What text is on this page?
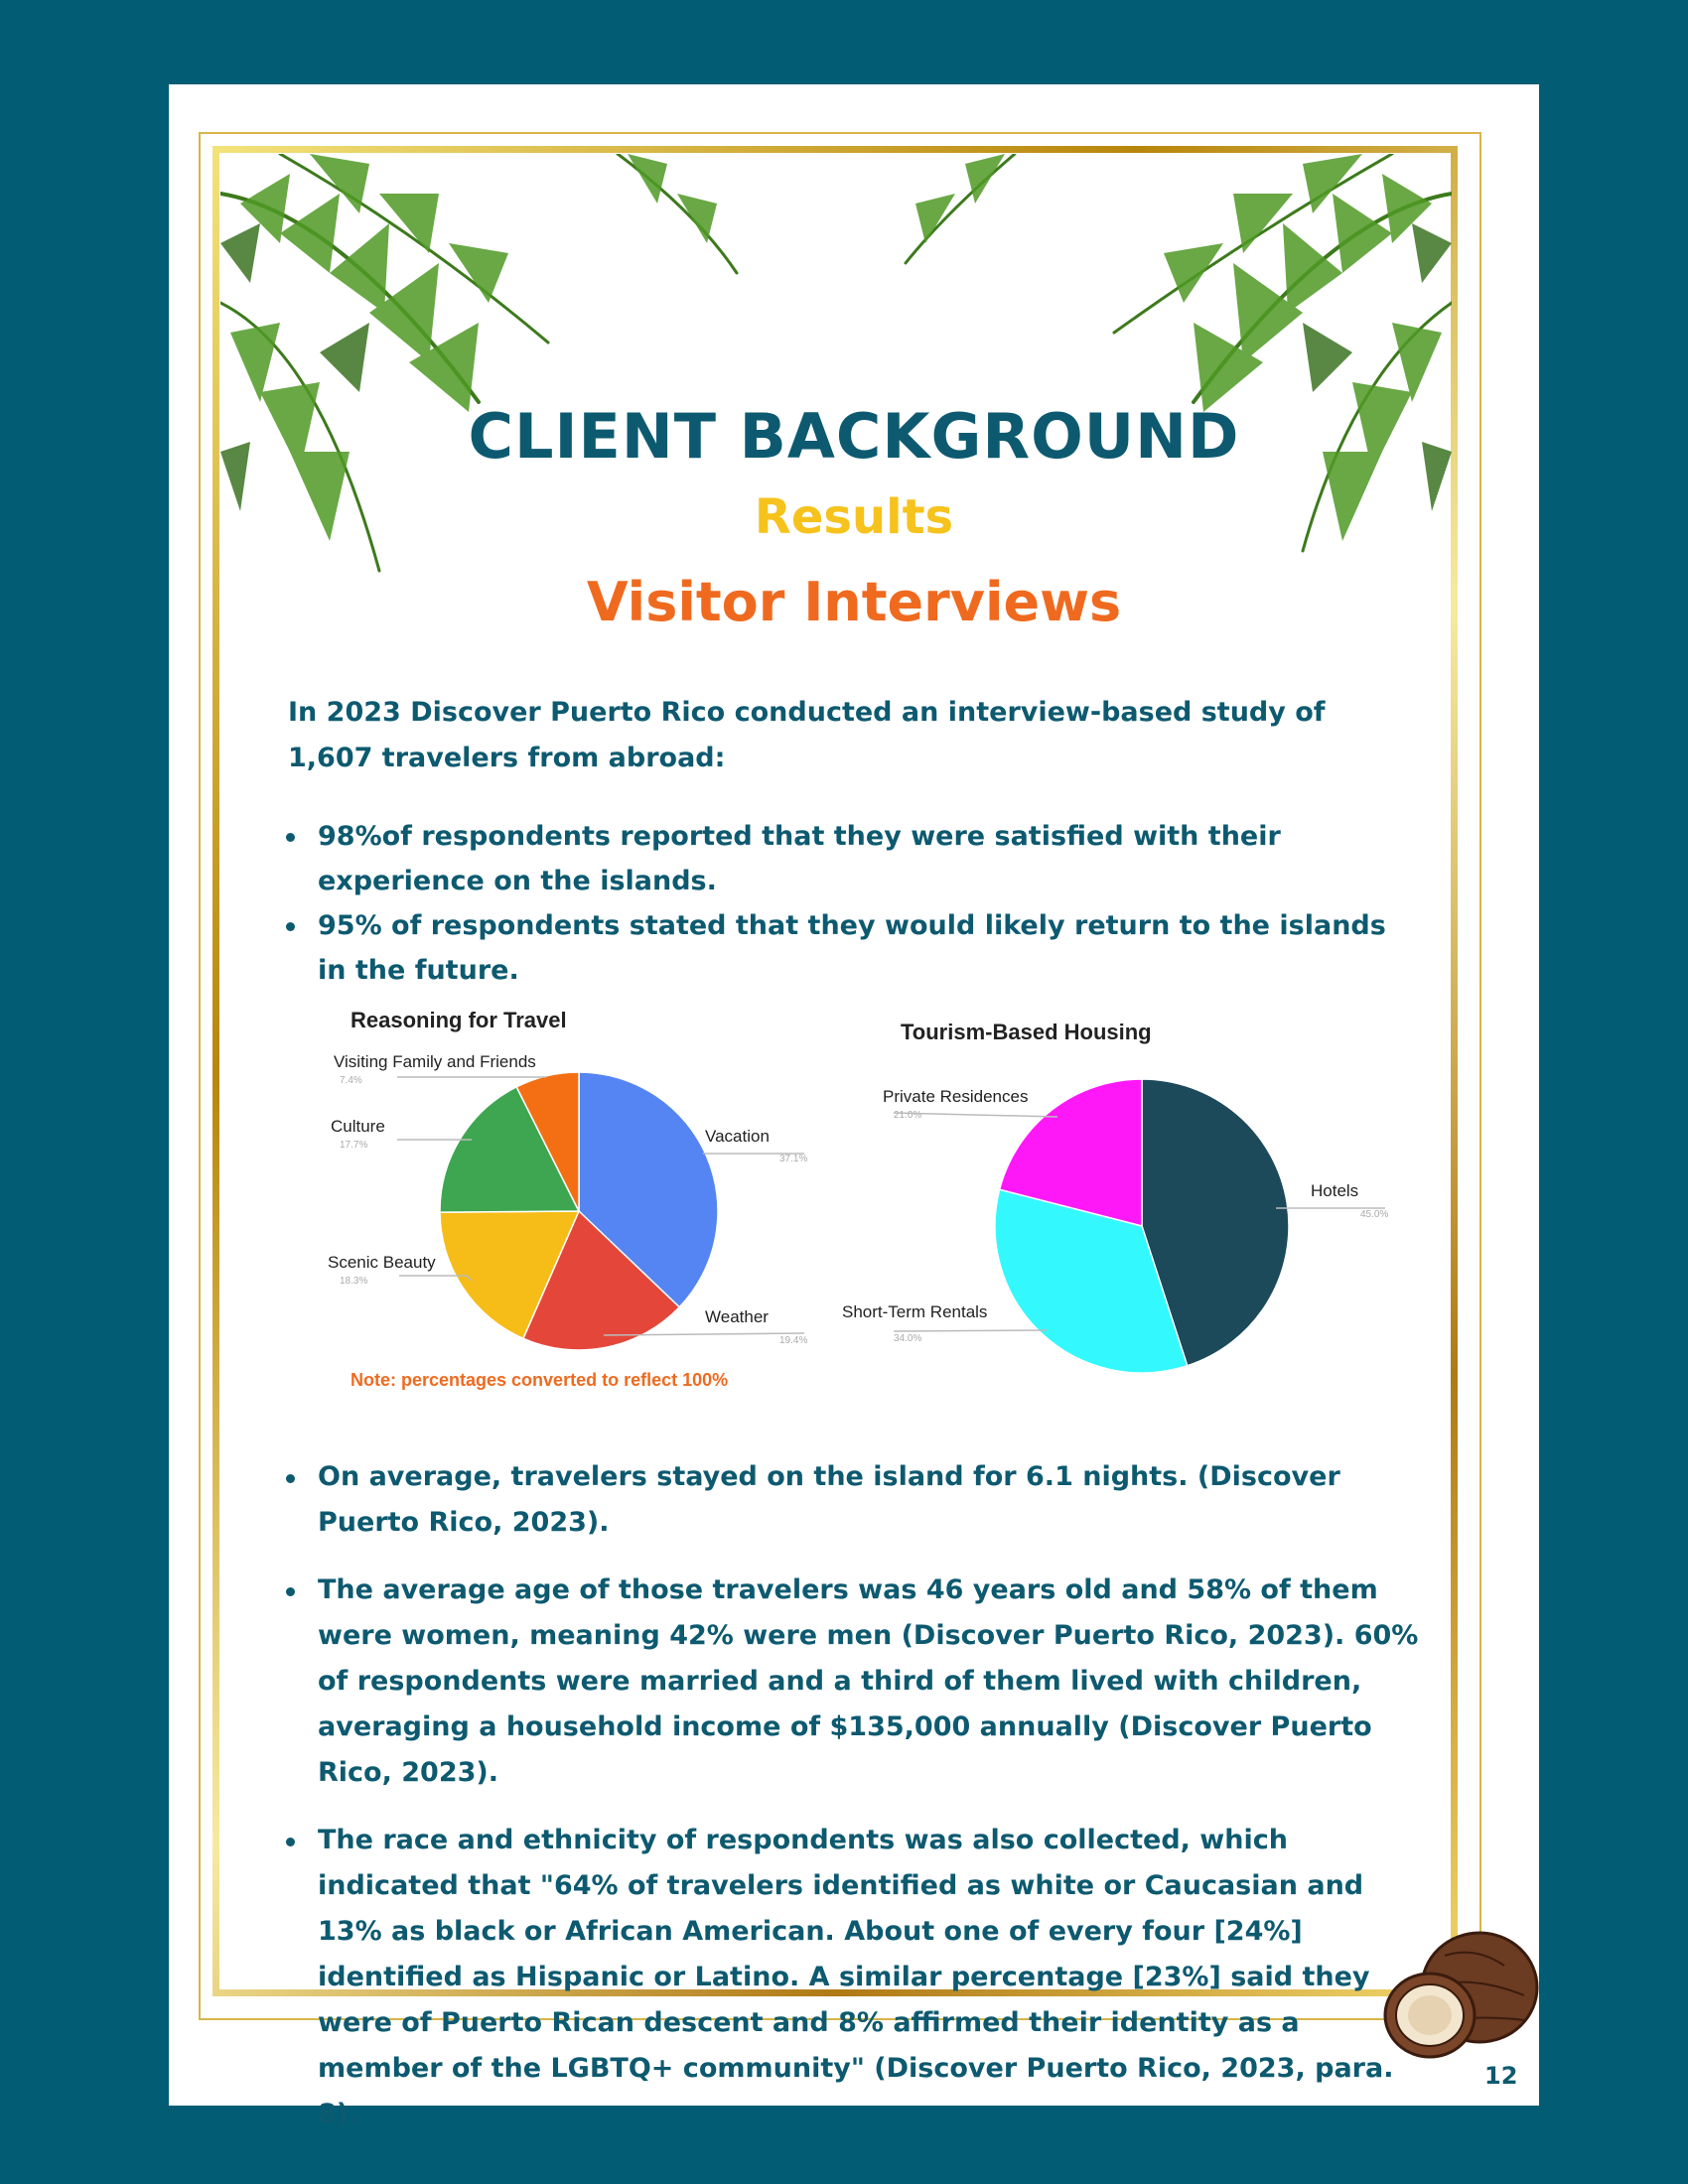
CLIENT BACKGROUND
Results
Visitor Interviews
In 2023 Discover Puerto Rico conducted an interview-based study of 1,607 travelers from abroad:
98%of respondents reported that they were satisfied with their experience on the islands.
95% of respondents stated that they would likely return to the islands in the future.
Reasoning for Travel
Visiting Family and Friends
7.4%
Culture
17.7%
Scenic Beauty
18.3%
Vacation
37.1%
Weather
19.4%
Note: percentages converted to reflect 100%
Tourism-Based Housing
Private Residences
21.0%
Hotels
45.0%
Short-Term Rentals
34.0%
On average, travelers stayed on the island for 6.1 nights. (Discover Puerto Rico, 2023).
The average age of those travelers was 46 years old and 58% of them were women, meaning 42% were men (Discover Puerto Rico, 2023). 60% of respondents were married and a third of them lived with children, averaging a household income of $135,000 annually (Discover Puerto Rico, 2023).
The race and ethnicity of respondents was also collected, which indicated that "64% of travelers identified as white or Caucasian and 13% as black or African American. About one of every four [24%] identified as Hispanic or Latino. A similar percentage [23%] said they were of Puerto Rican descent and 8% affirmed their identity as a member of the LGBTQ+ community" (Discover Puerto Rico, 2023, para. 8).
12
